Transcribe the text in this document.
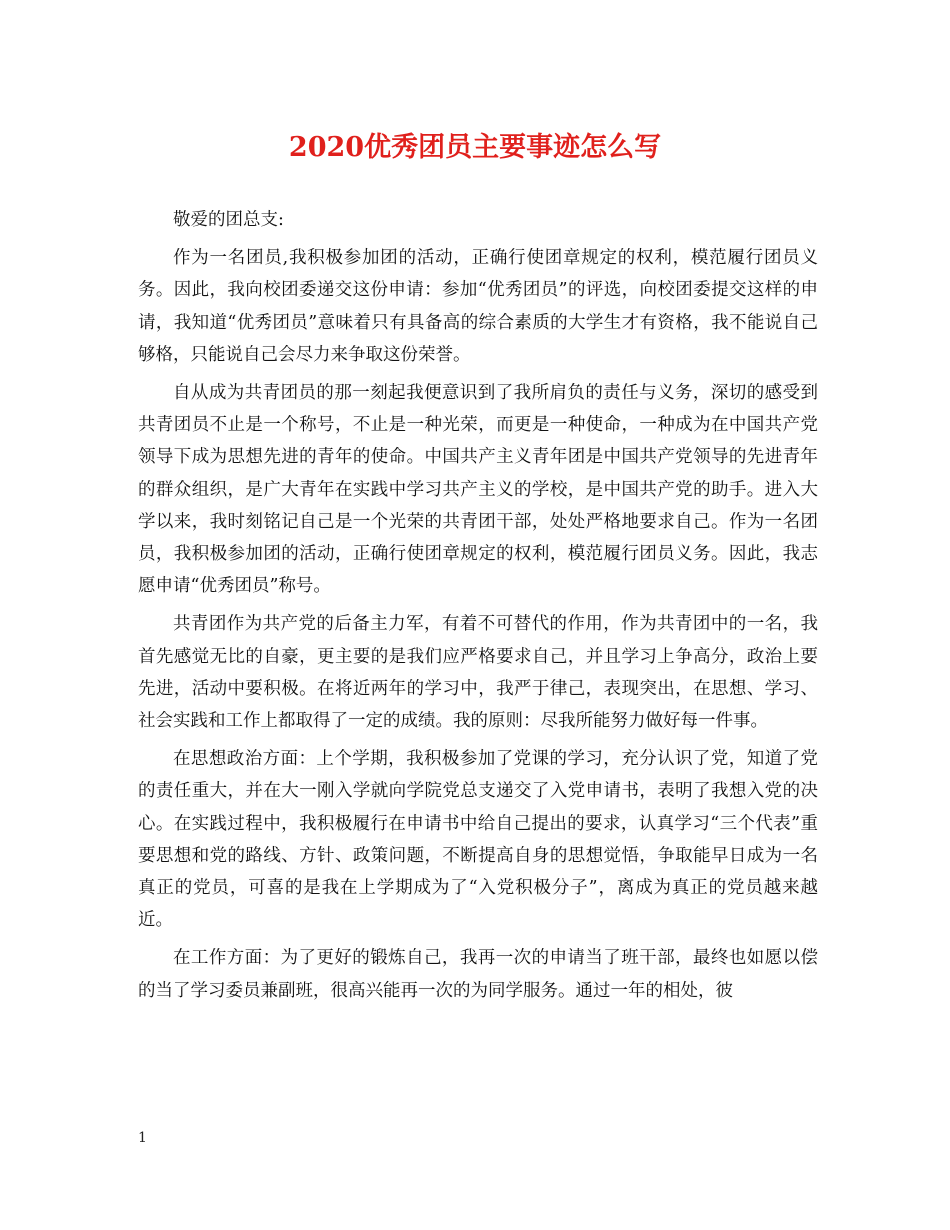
2020优秀团员主要事迹怎么写

敬爱的团总支:

作为一名团员,我积极参加团的活动，正确行使团章规定的权利，模范履行团员义务。因此，我向校团委递交这份申请：参加“优秀团员”的评选，向校团委提交这样的申请，我知道“优秀团员”意味着只有具备高的综合素质的大学生才有资格，我不能说自己够格，只能说自己会尽力来争取这份荣誉。

自从成为共青团员的那一刻起我便意识到了我所肩负的责任与义务，深切的感受到共青团员不止是一个称号，不止是一种光荣，而更是一种使命，一种成为在中国共产党领导下成为思想先进的青年的使命。中国共产主义青年团是中国共产党领导的先进青年的群众组织，是广大青年在实践中学习共产主义的学校，是中国共产党的助手。进入大学以来，我时刻铭记自己是一个光荣的共青团干部，处处严格地要求自己。作为一名团员，我积极参加团的活动，正确行使团章规定的权利，模范履行团员义务。因此，我志愿申请“优秀团员”称号。

共青团作为共产党的后备主力军，有着不可替代的作用，作为共青团中的一名，我首先感觉无比的自豪，更主要的是我们应严格要求自己，并且学习上争高分，政治上要先进，活动中要积极。在将近两年的学习中，我严于律己，表现突出，在思想、学习、社会实践和工作上都取得了一定的成绩。我的原则：尽我所能努力做好每一件事。

在思想政治方面：上个学期，我积极参加了党课的学习，充分认识了党，知道了党的责任重大，并在大一刚入学就向学院党总支递交了入党申请书，表明了我想入党的决心。在实践过程中，我积极履行在申请书中给自己提出的要求，认真学习“三个代表”重要思想和党的路线、方针、政策问题，不断提高自身的思想觉悟，争取能早日成为一名真正的党员，可喜的是我在上学期成为了“入党积极分子”，离成为真正的党员越来越近。

在工作方面：为了更好的锻炼自己，我再一次的申请当了班干部，最终也如愿以偿的当了学习委员兼副班，很高兴能再一次的为同学服务。通过一年的相处，彼

1
